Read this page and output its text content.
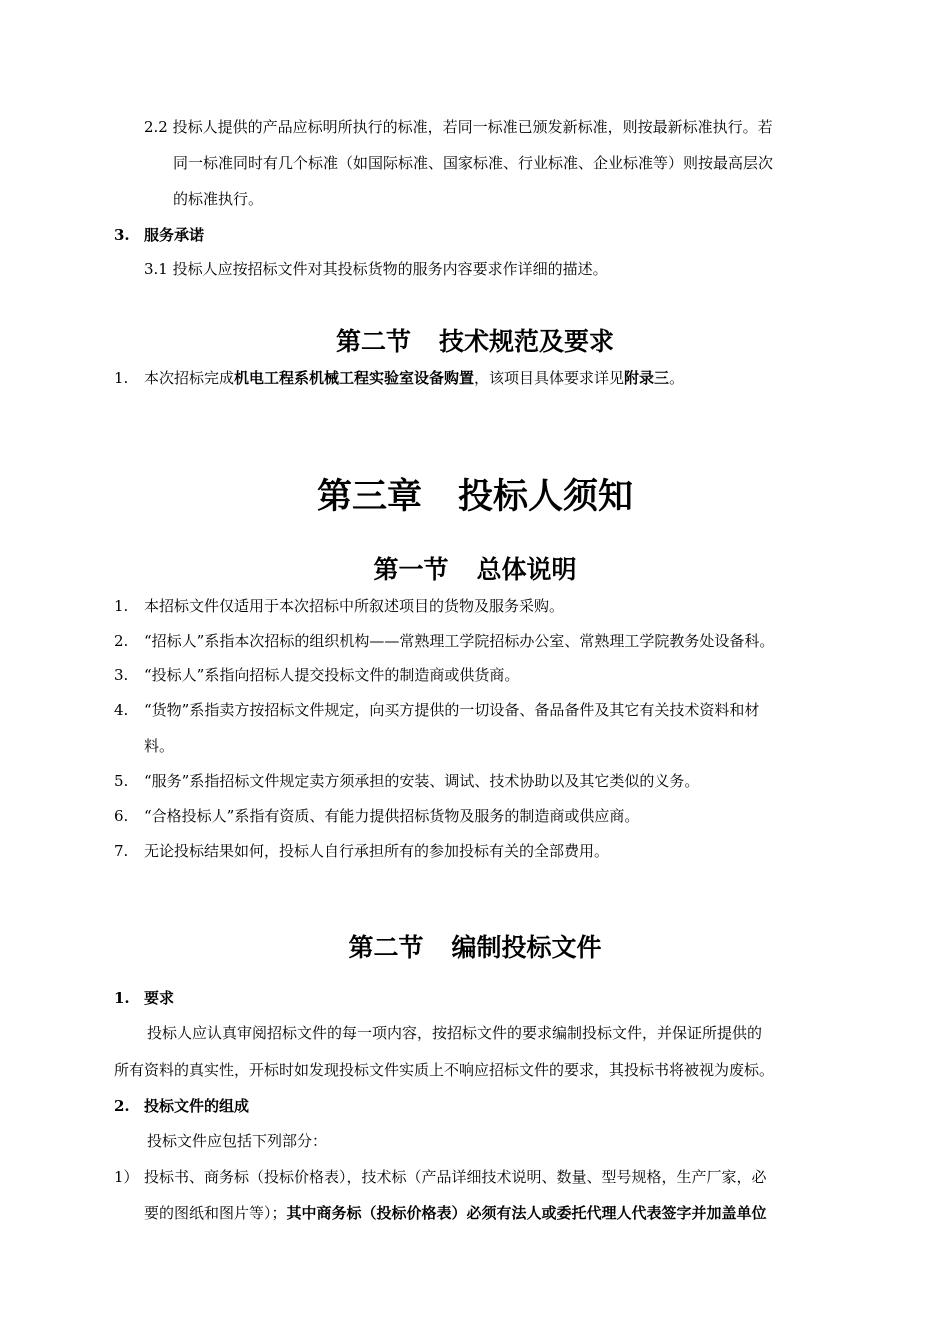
2.2 投标人提供的产品应标明所执行的标准，若同一标准已颁发新标准，则按最新标准执行。若
同一标准同时有几个标准（如国际标准、国家标准、行业标准、企业标准等）则按最高层次
的标准执行。
3. 服务承诺
3.1 投标人应按招标文件对其投标货物的服务内容要求作详细的描述。
第二节 技术规范及要求
1. 本次招标完成机电工程系机械工程实验室设备购置，该项目具体要求详见附录三。
第三章 投标人须知
第一节 总体说明
1. 本招标文件仅适用于本次招标中所叙述项目的货物及服务采购。
2. “招标人”系指本次招标的组织机构——常熟理工学院招标办公室、常熟理工学院教务处设备科。
3. “投标人”系指向招标人提交投标文件的制造商或供货商。
4. “货物”系指卖方按招标文件规定，向买方提供的一切设备、备品备件及其它有关技术资料和材
料。
5. “服务”系指招标文件规定卖方须承担的安装、调试、技术协助以及其它类似的义务。
6. “合格投标人”系指有资质、有能力提供招标货物及服务的制造商或供应商。
7. 无论投标结果如何，投标人自行承担所有的参加投标有关的全部费用。
第二节 编制投标文件
1. 要求
投标人应认真审阅招标文件的每一项内容，按招标文件的要求编制投标文件，并保证所提供的
所有资料的真实性，开标时如发现投标文件实质上不响应招标文件的要求，其投标书将被视为废标。
2. 投标文件的组成
投标文件应包括下列部分：
1） 投标书、商务标（投标价格表），技术标（产品详细技术说明、数量、型号规格，生产厂家，必
要的图纸和图片等）；其中商务标（投标价格表）必须有法人或委托代理人代表签字并加盖单位
